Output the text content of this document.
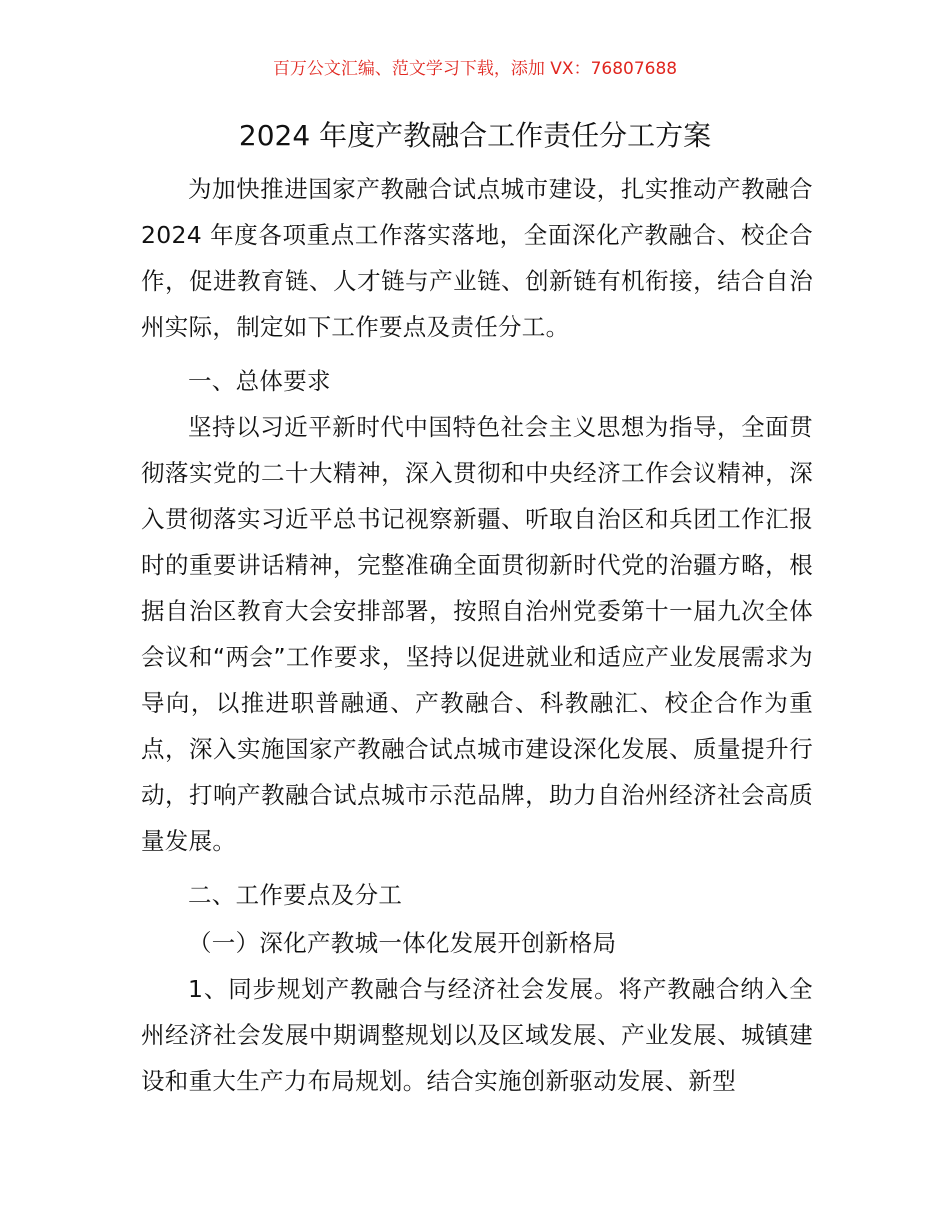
百万公文汇编、范文学习下载，添加 VX：76807688
2024 年度产教融合工作责任分工方案

为加快推进国家产教融合试点城市建设，扎实推动产教融合 2024 年度各项重点工作落实落地，全面深化产教融合、校企合作，促进教育链、人才链与产业链、创新链有机衔接，结合自治州实际，制定如下工作要点及责任分工。

一、总体要求

坚持以习近平新时代中国特色社会主义思想为指导，全面贯彻落实党的二十大精神，深入贯彻和中央经济工作会议精神，深入贯彻落实习近平总书记视察新疆、听取自治区和兵团工作汇报时的重要讲话精神，完整准确全面贯彻新时代党的治疆方略，根据自治区教育大会安排部署，按照自治州党委第十一届九次全体会议和“两会”工作要求，坚持以促进就业和适应产业发展需求为导向，以推进职普融通、产教融合、科教融汇、校企合作为重点，深入实施国家产教融合试点城市建设深化发展、质量提升行动，打响产教融合试点城市示范品牌，助力自治州经济社会高质量发展。

二、工作要点及分工

（一）深化产教城一体化发展开创新格局

1、同步规划产教融合与经济社会发展。将产教融合纳入全州经济社会发展中期调整规划以及区域发展、产业发展、城镇建设和重大生产力布局规划。结合实施创新驱动发展、新型
